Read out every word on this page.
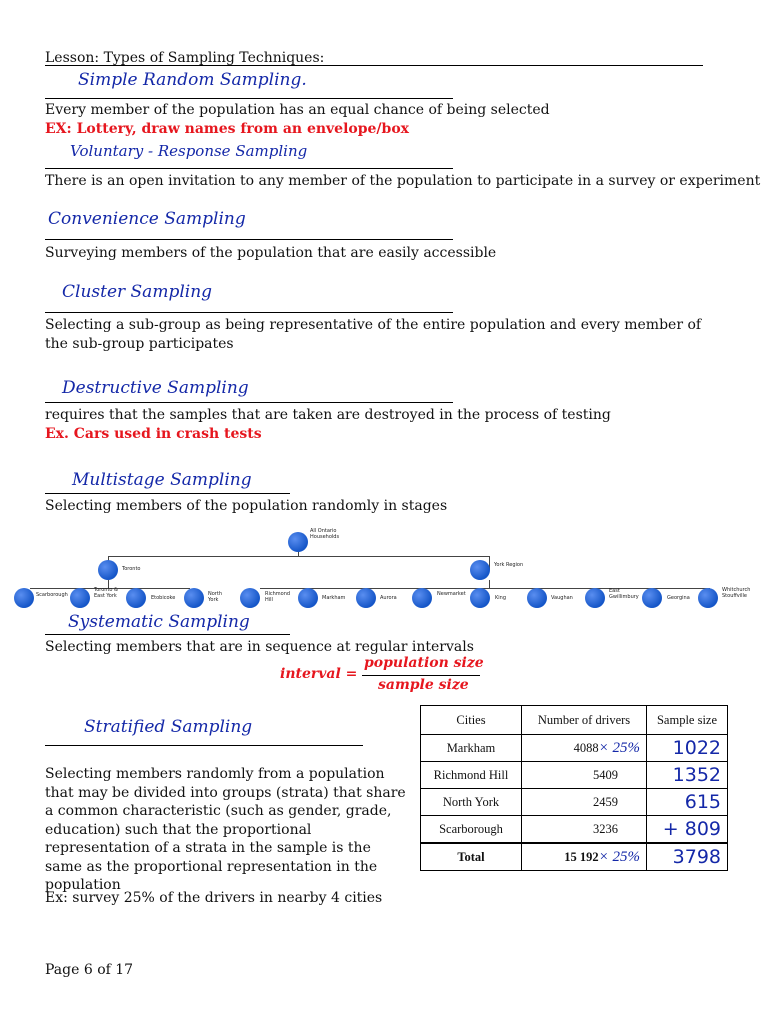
Lesson: Types of Sampling Techniques:
Simple Random Sampling.
Every member of the population has an equal chance of being selected
EX: Lottery, draw names from an envelope/box
Voluntary - Response Sampling
There is an open invitation to any member of the population to participate in a survey or experiment
Convenience Sampling
Surveying members of the population that are easily accessible
Cluster Sampling
Selecting a sub-group as being representative of the entire population and every member of the sub-group participates
Destructive Sampling
requires that the samples that are taken are destroyed in the process of testing
Ex. Cars used in crash tests
Multistage Sampling
Selecting members of the population randomly in stages
All Ontario Households
Toronto
York Region
Scarborough
Toronto & East York	Etobicoke
North York
Richmond Hill	Markham	Aurora
Newmarket
King	Vaughan
East Gwillimbury	Georgina
Whitchurch Stouffville
Systematic Sampling
Selecting members that are in sequence at regular intervals
interval =
population size
sample size
Stratified Sampling
Selecting members randomly from a population that may be divided into groups (strata) that share a common characteristic (such as gender, grade, education) such that the proportional representation of a strata in the sample is the same as the proportional representation in the population
Ex: survey 25% of the drivers in nearby 4 cities
Cities	Number of drivers	Sample size
Markham	4088× 25%	1022
Richmond Hill	5409	1352
North York	2459	615
Scarborough	3236	+ 809
Total	15 192× 25%	3798
Page 6 of 17
